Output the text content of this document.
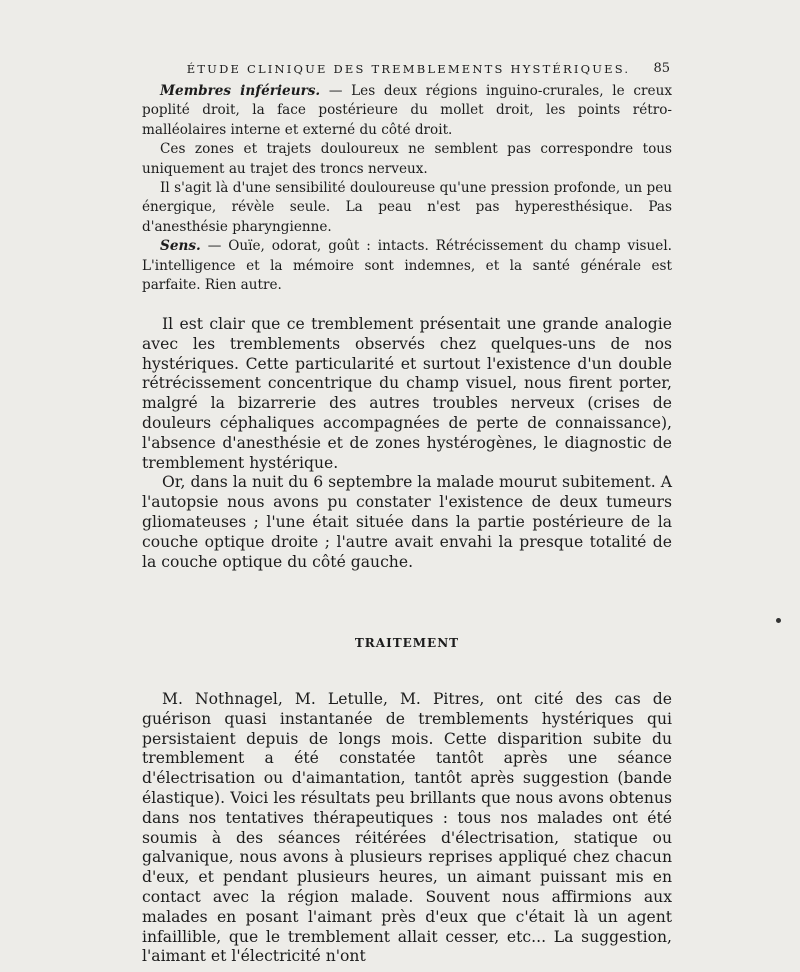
ÉTUDE CLINIQUE DES TREMBLEMENTS HYSTÉRIQUES.	85

Membres inférieurs. — Les deux régions inguino-crurales, le creux poplité droit, la face postérieure du mollet droit, les points rétro-malléolaires interne et externé du côté droit.

Ces zones et trajets douloureux ne semblent pas correspondre tous uniquement au trajet des troncs nerveux.

Il s'agit là d'une sensibilité douloureuse qu'une pression profonde, un peu énergique, révèle seule. La peau n'est pas hyperesthésique. Pas d'anesthésie pharyngienne.

Sens. — Ouïe, odorat, goût : intacts. Rétrécissement du champ visuel. L'intelligence et la mémoire sont indemnes, et la santé générale est parfaite. Rien autre.

Il est clair que ce tremblement présentait une grande analogie avec les tremblements observés chez quelques-uns de nos hystériques. Cette particularité et surtout l'existence d'un double rétrécissement concentrique du champ visuel, nous firent porter, malgré la bizarrerie des autres troubles nerveux (crises de douleurs céphaliques accompagnées de perte de connaissance), l'absence d'anesthésie et de zones hystérogènes, le diagnostic de tremblement hystérique.

Or, dans la nuit du 6 septembre la malade mourut subitement. A l'autopsie nous avons pu constater l'existence de deux tumeurs gliomateuses ; l'une était située dans la partie postérieure de la couche optique droite ; l'autre avait envahi la presque totalité de la couche optique du côté gauche.

TRAITEMENT

M. Nothnagel, M. Letulle, M. Pitres, ont cité des cas de guérison quasi instantanée de tremblements hystériques qui persistaient depuis de longs mois. Cette disparition subite du tremblement a été constatée tantôt après une séance d'électrisation ou d'aimantation, tantôt après suggestion (bande élastique). Voici les résultats peu brillants que nous avons obtenus dans nos tentatives thérapeutiques : tous nos malades ont été soumis à des séances réitérées d'électrisation, statique ou galvanique, nous avons à plusieurs reprises appliqué chez chacun d'eux, et pendant plusieurs heures, un aimant puissant mis en contact avec la région malade. Souvent nous affirmions aux malades en posant l'aimant près d'eux que c'était là un agent infaillible, que le tremblement allait cesser, etc... La suggestion, l'aimant et l'électricité n'ont
